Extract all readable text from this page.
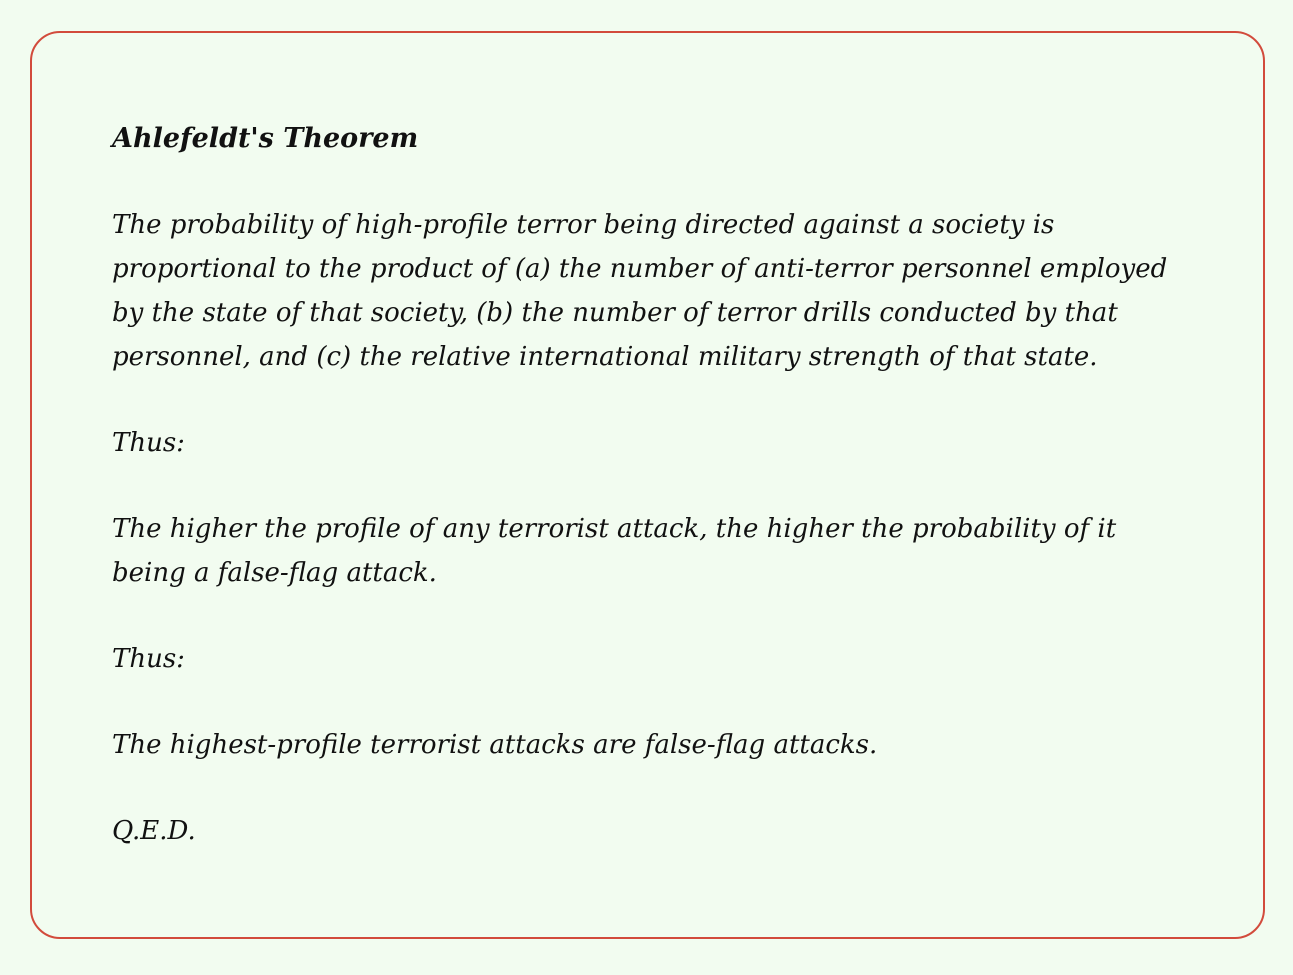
Ahlefeldt's Theorem

The probability of high-profile terror being directed against a society is proportional to the product of (a) the number of anti-terror personnel employed by the state of that society, (b) the number of terror drills conducted by that personnel, and (c) the relative international military strength of that state.

Thus:

The higher the profile of any terrorist attack, the higher the probability of it being a false-flag attack.

Thus:

The highest-profile terrorist attacks are false-flag attacks.

Q.E.D.
